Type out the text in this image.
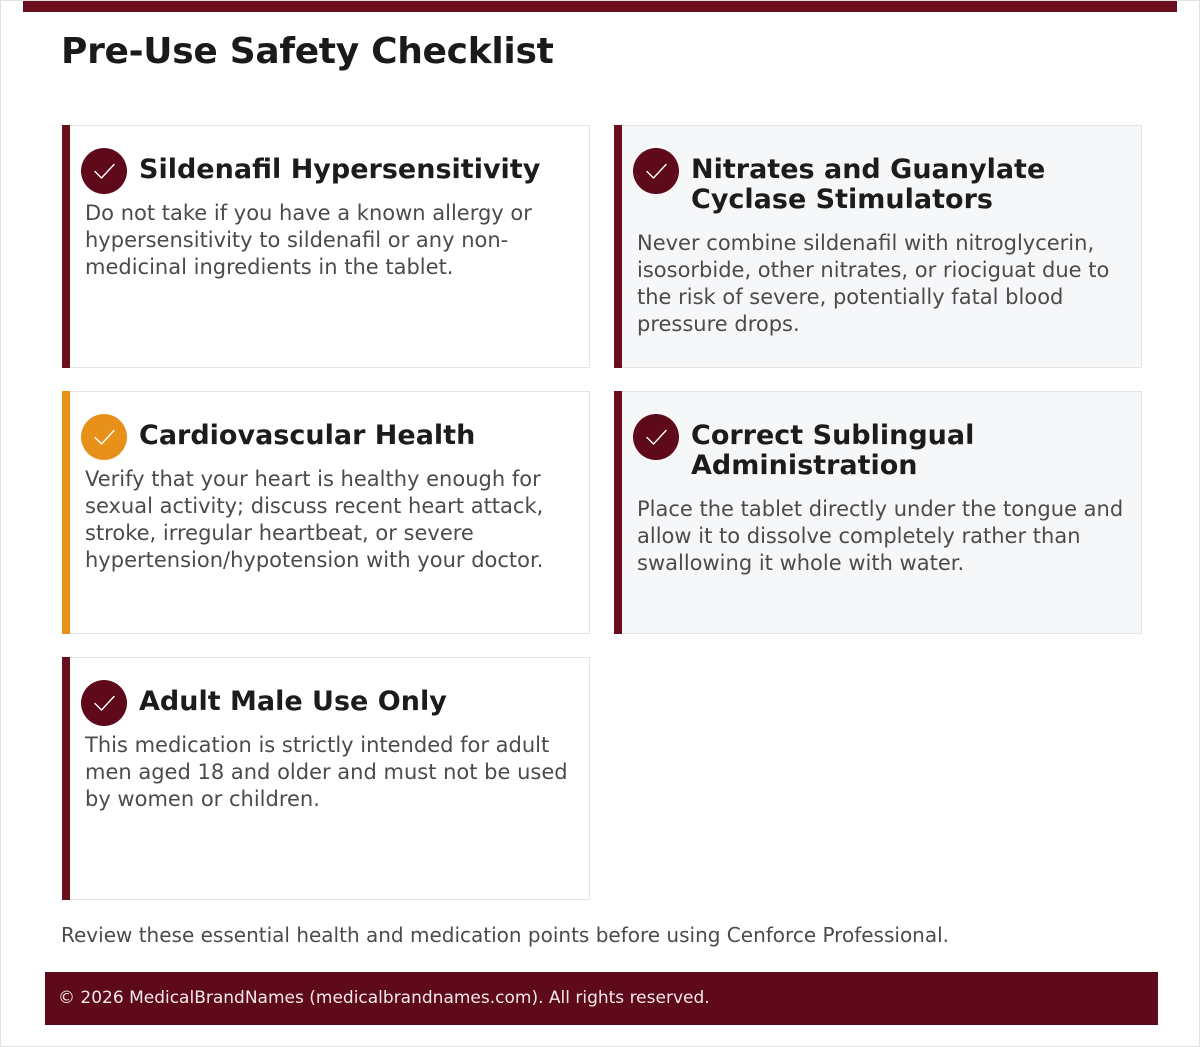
Pre-Use Safety Checklist
Sildenafil Hypersensitivity

Do not take if you have a known allergy or hypersensitivity to sildenafil or any non-medicinal ingredients in the tablet.

Nitrates and Guanylate Cyclase Stimulators

Never combine sildenafil with nitroglycerin, isosorbide, other nitrates, or riociguat due to the risk of severe, potentially fatal blood pressure drops.

Cardiovascular Health

Verify that your heart is healthy enough for sexual activity; discuss recent heart attack, stroke, irregular heartbeat, or severe hypertension/hypotension with your doctor.

Correct Sublingual Administration

Place the tablet directly under the tongue and allow it to dissolve completely rather than swallowing it whole with water.

Adult Male Use Only

This medication is strictly intended for adult men aged 18 and older and must not be used by women or children.

Review these essential health and medication points before using Cenforce Professional.

© 2026 MedicalBrandNames (medicalbrandnames.com). All rights reserved.
